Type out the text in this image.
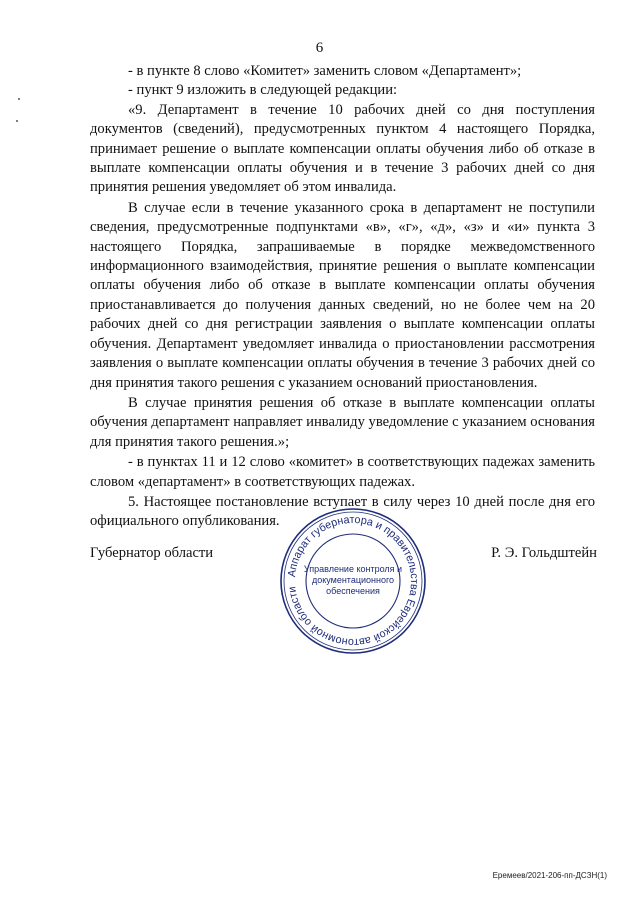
6

- в пункте 8 слово «Комитет» заменить словом «Департамент»;

- пункт 9 изложить в следующей редакции:

«9. Департамент в течение 10 рабочих дней со дня поступления документов (сведений), предусмотренных пунктом 4 настоящего Порядка, принимает решение о выплате компенсации оплаты обучения либо об отказе в выплате компенсации оплаты обучения и в течение 3 рабочих дней со дня принятия решения уведомляет об этом инвалида.

В случае если в течение указанного срока в департамент не поступили сведения, предусмотренные подпунктами «в», «г», «д», «з» и «и» пункта 3 настоящего Порядка, запрашиваемые в порядке межведомственного информационного взаимодействия, принятие решения о выплате компенсации оплаты обучения либо об отказе в выплате компенсации оплаты обучения приостанавливается до получения данных сведений, но не более чем на 20 рабочих дней со дня регистрации заявления о выплате компенсации оплаты обучения. Департамент уведомляет инвалида о приостановлении рассмотрения заявления о выплате компенсации оплаты обучения в течение 3 рабочих дней со дня принятия такого решения с указанием оснований приостановления.

В случае принятия решения об отказе в выплате компенсации оплаты обучения департамент направляет инвалиду уведомление с указанием основания для принятия такого решения.»;

- в пунктах 11 и 12 слово «комитет» в соответствующих падежах заменить словом «департамент» в соответствующих падежах.

5. Настоящее постановление вступает в силу через 10 дней после дня его официального опубликования.

Аппарат губернатора и правительства Еврейской автономной области
Управление контроля и
документационного
обеспечения
Губернатор области	Р. Э. Гольдштейн
Еремеев/2021-206-пп-ДСЗН(1)
